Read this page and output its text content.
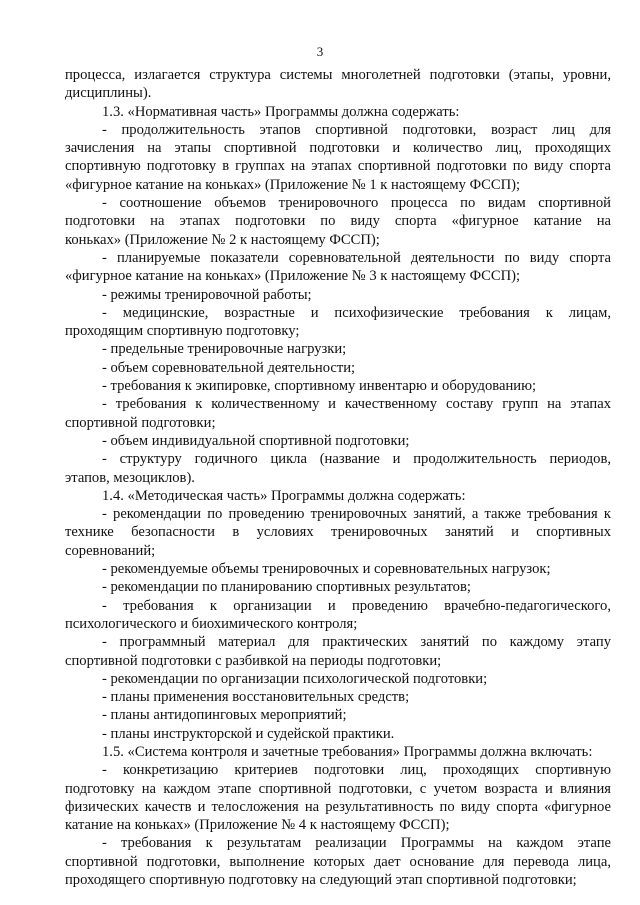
3

процесса, излагается структура системы многолетней подготовки (этапы, уровни,
дисциплины).

1.3. «Нормативная часть» Программы должна содержать:

- продолжительность этапов спортивной подготовки, возраст лиц для
зачисления на этапы спортивной подготовки и количество лиц, проходящих
спортивную подготовку в группах на этапах спортивной подготовки по виду спорта
«фигурное катание на коньках» (Приложение № 1 к настоящему ФССП);

- соотношение объемов тренировочного процесса по видам спортивной
подготовки на этапах подготовки по виду спорта «фигурное катание на
коньках» (Приложение № 2 к настоящему ФССП);

- планируемые показатели соревновательной деятельности по виду спорта
«фигурное катание на коньках» (Приложение № 3 к настоящему ФССП);

- режимы тренировочной работы;

- медицинские, возрастные и психофизические требования к лицам,
проходящим спортивную подготовку;

- предельные тренировочные нагрузки;

- объем соревновательной деятельности;

- требования к экипировке, спортивному инвентарю и оборудованию;

- требования к количественному и качественному составу групп на этапах
спортивной подготовки;

- объем индивидуальной спортивной подготовки;

- структуру годичного цикла (название и продолжительность периодов,
этапов, мезоциклов).

1.4. «Методическая часть» Программы должна содержать:

- рекомендации по проведению тренировочных занятий, а также требования к
технике безопасности в условиях тренировочных занятий и спортивных
соревнований;

- рекомендуемые объемы тренировочных и соревновательных нагрузок;

- рекомендации по планированию спортивных результатов;

- требования к организации и проведению врачебно-педагогического,
психологического и биохимического контроля;

- программный материал для практических занятий по каждому этапу
спортивной подготовки с разбивкой на периоды подготовки;

- рекомендации по организации психологической подготовки;

- планы применения восстановительных средств;

- планы антидопинговых мероприятий;

- планы инструкторской и судейской практики.

1.5. «Система контроля и зачетные требования» Программы должна включать:

- конкретизацию критериев подготовки лиц, проходящих спортивную
подготовку на каждом этапе спортивной подготовки, с учетом возраста и влияния
физических качеств и телосложения на результативность по виду спорта «фигурное
катание на коньках» (Приложение № 4 к настоящему ФССП);

- требования к результатам реализации Программы на каждом этапе
спортивной подготовки, выполнение которых дает основание для перевода лица,
проходящего спортивную подготовку на следующий этап спортивной подготовки;
